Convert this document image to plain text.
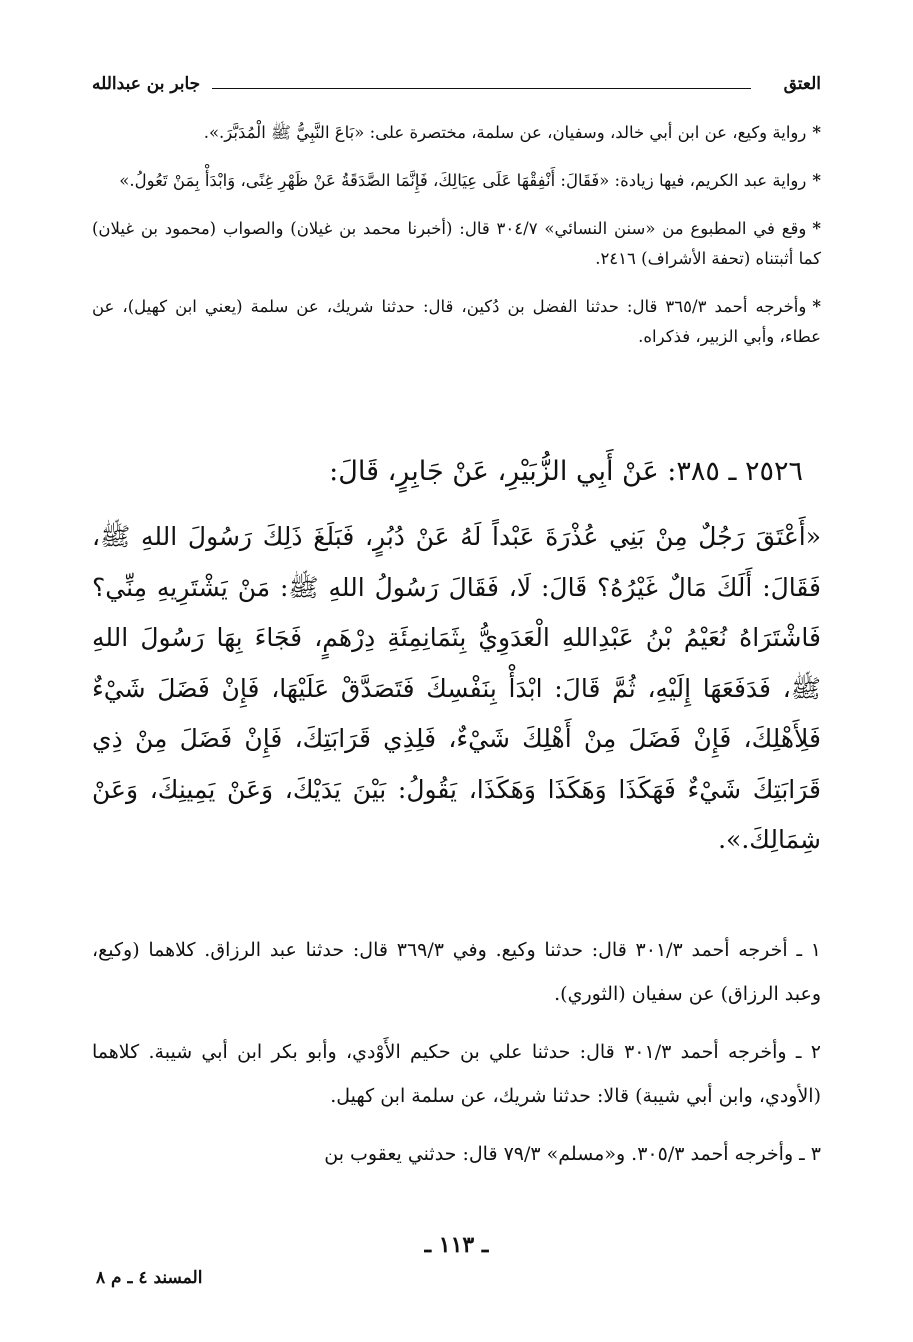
العتق
جابر بن عبدالله

*رواية وكيع، عن ابن أبي خالد، وسفيان، عن سلمة، مختصرة على: «بَاعَ النَّبِيُّ ﷺ الْمُدَبَّرَ.».

*رواية عبد الكريم، فيها زيادة: «فَقَالَ: أَنْفِقْهَا عَلَى عِيَالِكَ، فَإِنَّمَا الصَّدَقَةُ عَنْ ظَهْرِ غِنًى، وَابْدَأْ بِمَنْ تَعُولُ.»

*وقع في المطبوع من «سنن النسائي» ٣٠٤/٧ قال: (أخبرنا محمد بن غيلان) والصواب (محمود بن غيلان) كما أثبتناه (تحفة الأشراف) ٢٤١٦.

*وأخرجه أحمد ٣٦٥/٣ قال: حدثنا الفضل بن دُكين، قال: حدثنا شريك، عن سلمة (يعني ابن كهيل)، عن عطاء، وأبي الزبير، فذكراه.

٢٥٢٦ ـ ٣٨٥: عَنْ أَبِي الزُّبَيْرِ، عَنْ جَابِرٍ، قَالَ:
«أَعْتَقَ رَجُلٌ مِنْ بَنِي عُذْرَةَ عَبْداً لَهُ عَنْ دُبُرٍ، فَبَلَغَ ذَلِكَ رَسُولَ اللهِ ﷺ، فَقَالَ: أَلَكَ مَالٌ غَيْرُهُ؟ قَالَ: لَا، فَقَالَ رَسُولُ اللهِ ﷺ: مَنْ يَشْتَرِيهِ مِنِّي؟ فَاشْتَرَاهُ نُعَيْمُ بْنُ عَبْدِاللهِ الْعَدَوِيُّ بِثَمَانِمِئَةِ دِرْهَمٍ، فَجَاءَ بِهَا رَسُولَ اللهِ ﷺ، فَدَفَعَهَا إِلَيْهِ، ثُمَّ قَالَ: ابْدَأْ بِنَفْسِكَ فَتَصَدَّقْ عَلَيْهَا، فَإِنْ فَضَلَ شَيْءٌ فَلِأَهْلِكَ، فَإِنْ فَضَلَ مِنْ أَهْلِكَ شَيْءٌ، فَلِذِي قَرَابَتِكَ، فَإِنْ فَضَلَ مِنْ ذِي قَرَابَتِكَ شَيْءٌ فَهَكَذَا وَهَكَذَا وَهَكَذَا، يَقُولُ: بَيْنَ يَدَيْكَ، وَعَنْ يَمِينِكَ، وَعَنْ شِمَالِكَ.».

١ ـ أخرجه أحمد ٣٠١/٣ قال: حدثنا وكيع. وفي ٣٦٩/٣ قال: حدثنا عبد الرزاق. كلاهما (وكيع، وعبد الرزاق) عن سفيان (الثوري).

٢ ـ وأخرجه أحمد ٣٠١/٣ قال: حدثنا علي بن حكيم الأَوْدي، وأبو بكر ابن أبي شيبة. كلاهما (الأودي، وابن أبي شيبة) قالا: حدثنا شريك، عن سلمة ابن كهيل.

٣ ـ وأخرجه أحمد ٣٠٥/٣. و«مسلم» ٧٩/٣ قال: حدثني يعقوب بن

ـ ١١٣ ـ
المسند ٤ ـ م ٨
